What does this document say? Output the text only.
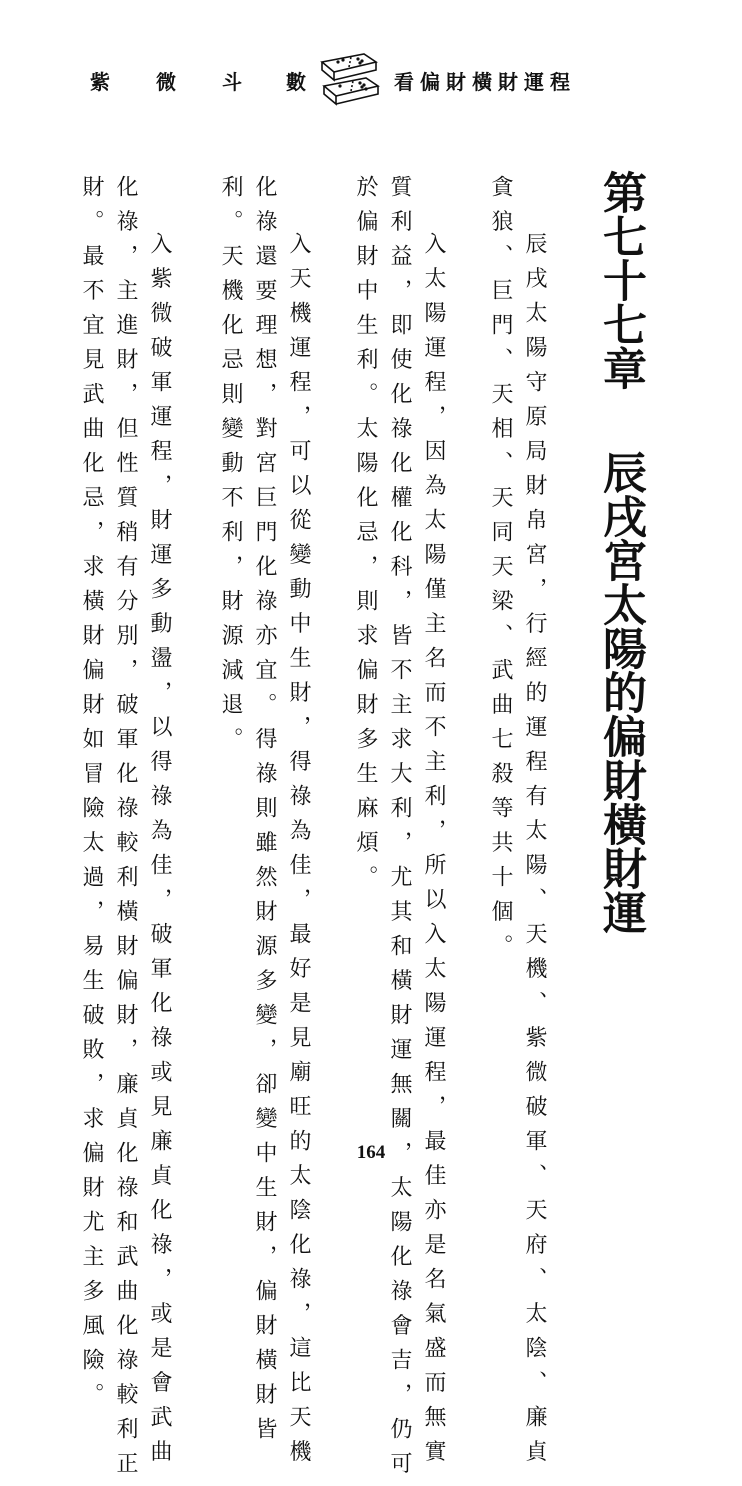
紫 微 斗 數	看偏財橫財運程
第七十七章
辰戌宮太陽的偏財橫財運
辰戌太陽守原局財帛宮，行經的運程有太陽、天機、紫微破軍、天府、太陰、廉貞
貪狼、巨門、天相、天同天梁、武曲七殺等共十個。
入太陽運程，因為太陽僅主名而不主利，所以入太陽運程，最佳亦是名氣盛而無實
質利益，即使化祿化權化科，皆不主求大利，尤其和橫財運無關，太陽化祿會吉，仍可
於偏財中生利。太陽化忌，則求偏財多生麻煩。
入天機運程，可以從變動中生財，得祿為佳，最好是見廟旺的太陰化祿，這比天機
化祿還要理想，對宮巨門化祿亦宜。得祿則雖然財源多變，卻變中生財，偏財橫財皆
利。天機化忌則變動不利，財源減退。
入紫微破軍運程，財運多動盪，以得祿為佳，破軍化祿或見廉貞化祿，或是會武曲
化祿，主進財，但性質稍有分別，破軍化祿較利橫財偏財，廉貞化祿和武曲化祿較利正
財。最不宜見武曲化忌，求橫財偏財如冒險太過，易生破敗，求偏財尤主多風險。	164
